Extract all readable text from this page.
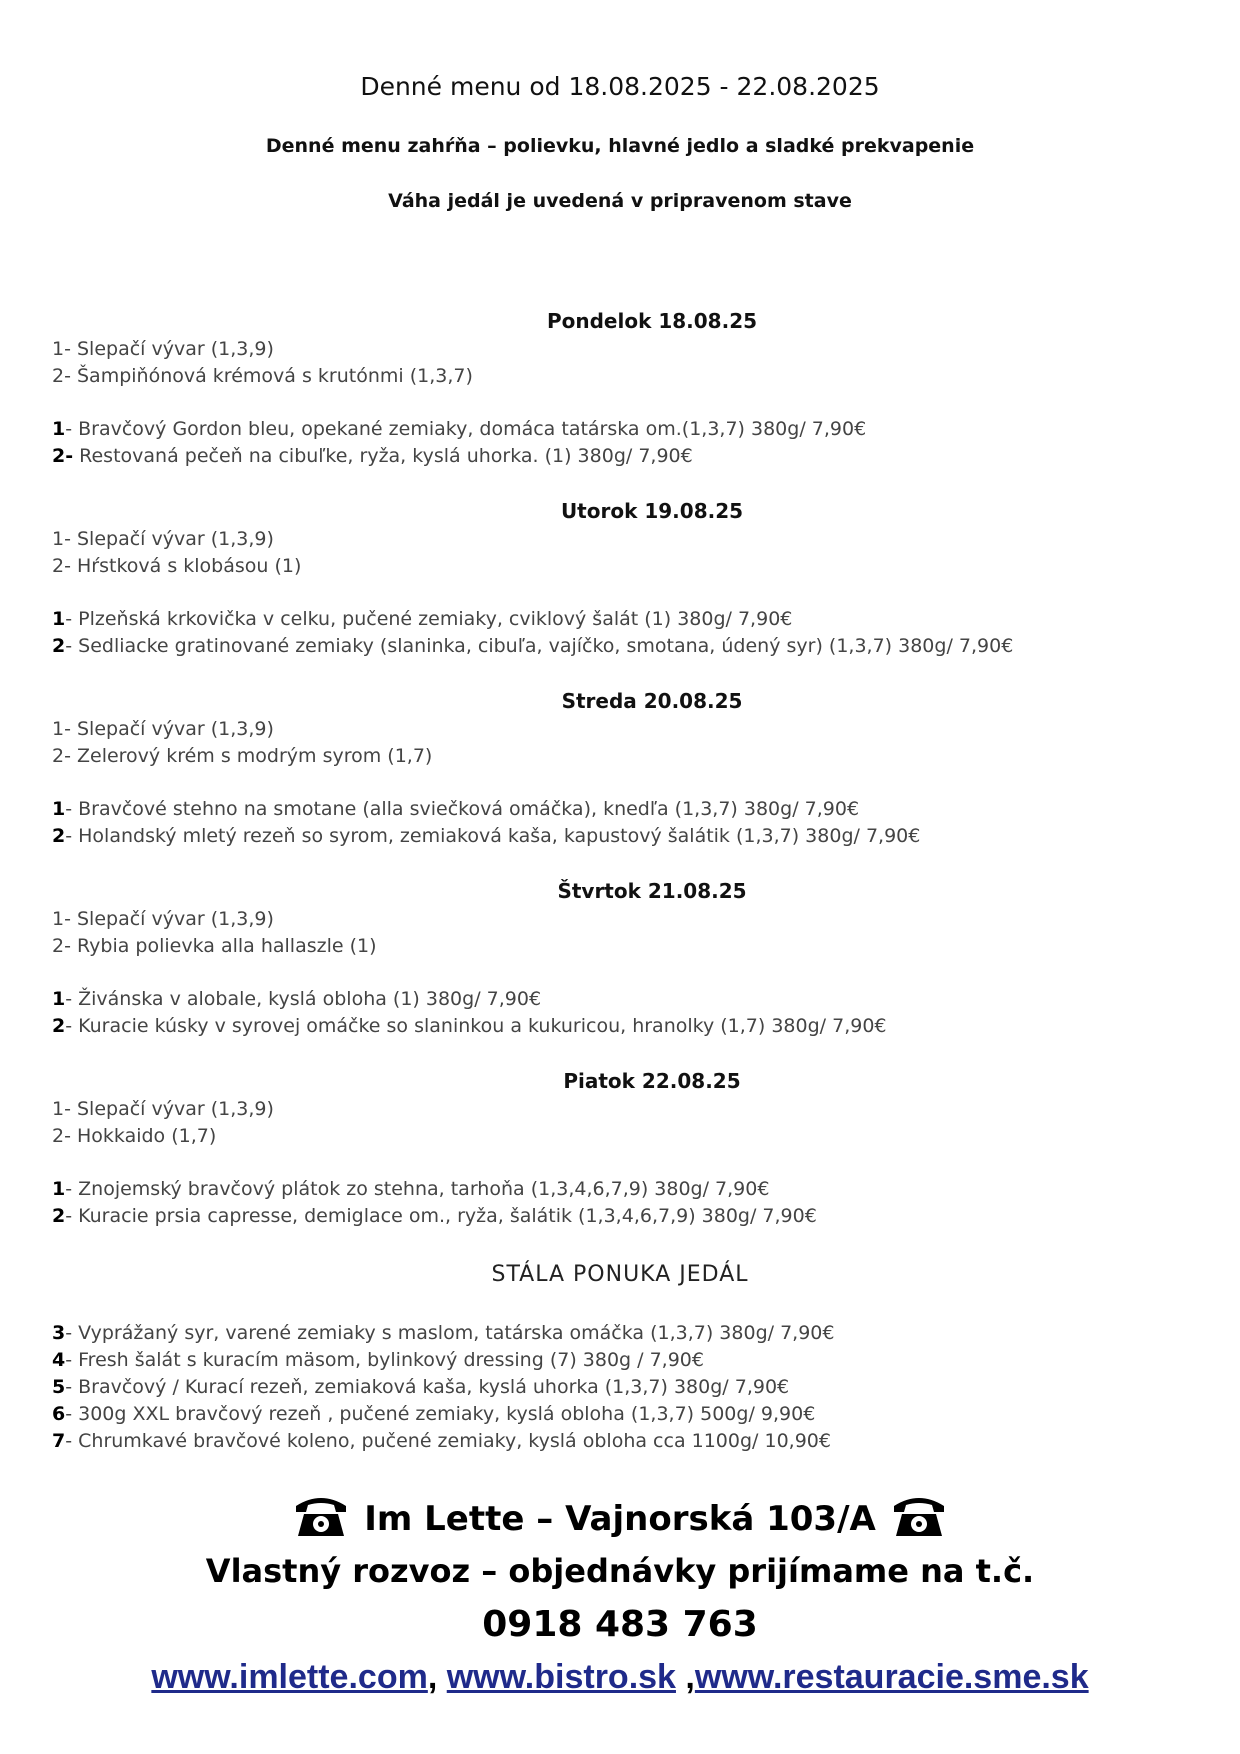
Denné menu od 18.08.2025 - 22.08.2025
Denné menu zahŕňa – polievku, hlavné jedlo a sladké prekvapenie
Váha jedál je uvedená v pripravenom stave
Pondelok 18.08.25
1- Slepačí vývar (1,3,9)
2- Šampiňónová krémová s krutónmi (1,3,7)
1- Bravčový Gordon bleu, opekané zemiaky, domáca tatárska om.(1,3,7) 380g/ 7,90€
2- Restovaná pečeň na cibuľke, ryža, kyslá uhorka. (1) 380g/ 7,90€
Utorok 19.08.25
1- Slepačí vývar (1,3,9)
2- Hŕstková s klobásou (1)
1- Plzeňská krkovička v celku, pučené zemiaky, cviklový šalát (1) 380g/ 7,90€
2- Sedliacke gratinované zemiaky (slaninka, cibuľa, vajíčko, smotana, údený syr) (1,3,7) 380g/ 7,90€
Streda 20.08.25
1- Slepačí vývar (1,3,9)
2- Zelerový krém s modrým syrom (1,7)
1- Bravčové stehno na smotane (alla sviečková omáčka), knedľa (1,3,7) 380g/ 7,90€
2- Holandský mletý rezeň so syrom, zemiaková kaša, kapustový šalátik (1,3,7) 380g/ 7,90€
Štvrtok 21.08.25
1- Slepačí vývar (1,3,9)
2- Rybia polievka alla hallaszle (1)
1- Živánska v alobale, kyslá obloha (1) 380g/ 7,90€
2- Kuracie kúsky v syrovej omáčke so slaninkou a kukuricou, hranolky (1,7) 380g/ 7,90€
Piatok 22.08.25
1- Slepačí vývar (1,3,9)
2- Hokkaido (1,7)
1- Znojemský bravčový plátok zo stehna, tarhoňa (1,3,4,6,7,9) 380g/ 7,90€
2- Kuracie prsia capresse, demiglace om., ryža, šalátik (1,3,4,6,7,9) 380g/ 7,90€
STÁLA PONUKA JEDÁL
3- Vyprážaný syr, varené zemiaky s maslom, tatárska omáčka (1,3,7) 380g/ 7,90€
4- Fresh šalát s kuracím mäsom, bylinkový dressing (7) 380g / 7,90€
5- Bravčový / Kurací rezeň, zemiaková kaša, kyslá uhorka (1,3,7) 380g/ 7,90€
6- 300g XXL bravčový rezeň , pučené zemiaky, kyslá obloha (1,3,7) 500g/ 9,90€
7- Chrumkavé bravčové koleno, pučené zemiaky, kyslá obloha cca 1100g/ 10,90€
Im Lette – Vajnorská 103/A
Vlastný rozvoz – objednávky prijímame na t.č.
0918 483 763
www.imlette.com, www.bistro.sk ,www.restauracie.sme.sk
